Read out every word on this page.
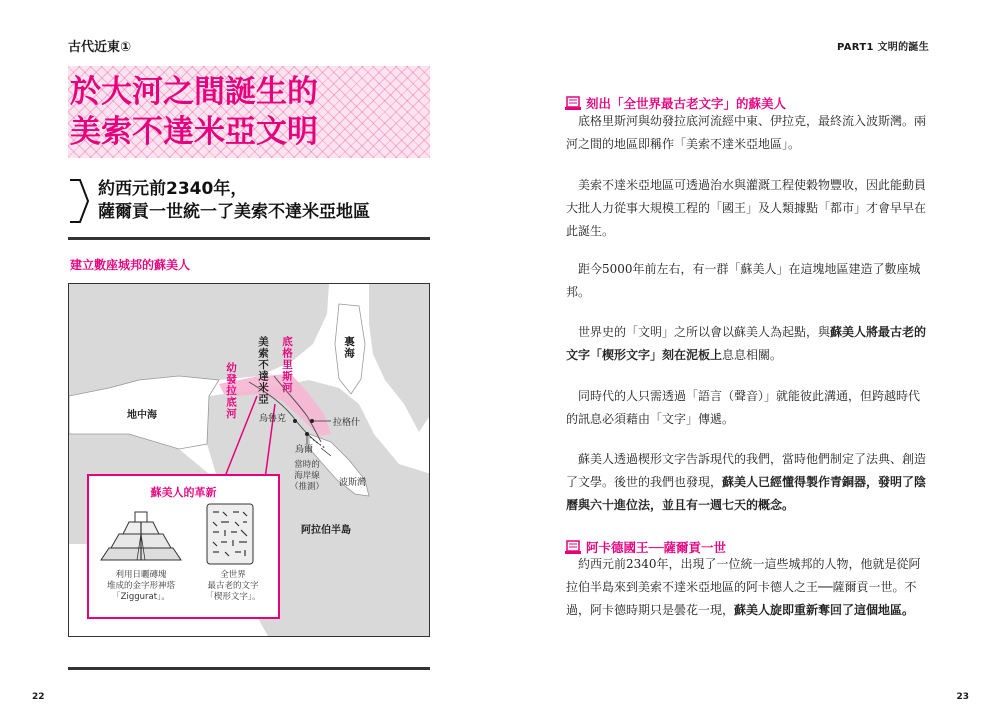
古代近東①	PART1 文明的誕生
於大河之間誕生的
美索不達米亞文明
約西元前2340年，
薩爾貢一世統一了美索不達米亞地區
建立數座城邦的蘇美人
裏海
地中海
底格里斯河
幼發拉底河 美索不達米亞
烏魯克	拉格什
烏爾
當時的
海岸線
（推測）	波斯灣
阿拉伯半島
蘇美人的革新
利用日曬磚塊
堆成的金字形神塔
「Ziggurat」。
全世界
最古老的文字
「楔形文字」。
22	23
刻出「全世界最古老文字」的蘇美人
底格里斯河與幼發拉底河流經中東、伊拉克，最終流入波斯灣。兩河之間的地區即稱作「美索不達米亞地區」。
美索不達米亞地區可透過治水與灌溉工程使穀物豐收，因此能動員大批人力從事大規模工程的「國王」及人類據點「都市」才會早早在此誕生。
距今5000年前左右，有一群「蘇美人」在這塊地區建造了數座城邦。
世界史的「文明」之所以會以蘇美人為起點，與蘇美人將最古老的文字「楔形文字」刻在泥板上息息相關。
同時代的人只需透過「語言（聲音）」就能彼此溝通，但跨越時代的訊息必須藉由「文字」傳遞。
蘇美人透過楔形文字告訴現代的我們，當時他們制定了法典、創造了文學。後世的我們也發現，蘇美人已經懂得製作青銅器，發明了陰曆與六十進位法，並且有一週七天的概念。
阿卡德國王──薩爾貢一世
約西元前2340年，出現了一位統一這些城邦的人物，他就是從阿拉伯半島來到美索不達米亞地區的阿卡德人之王──薩爾貢一世。不過，阿卡德時期只是曇花一現，蘇美人旋即重新奪回了這個地區。
